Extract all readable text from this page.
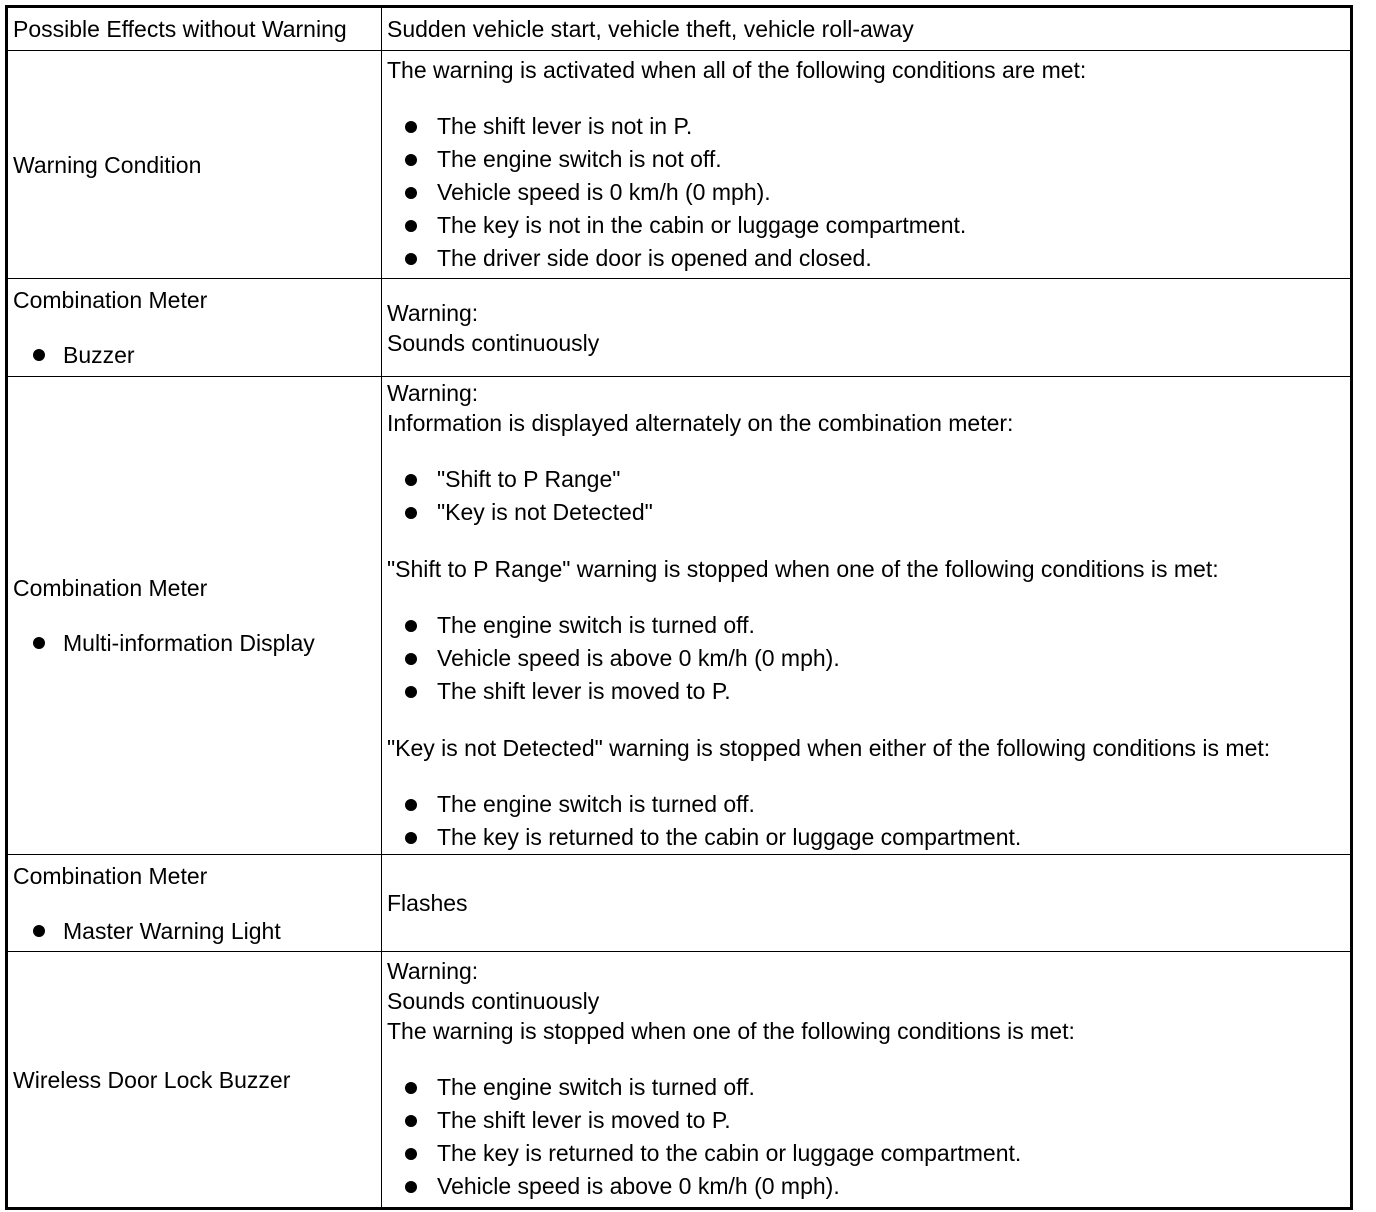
Possible Effects without Warning	Sudden vehicle start, vehicle theft, vehicle roll-away
Warning Condition
The warning is activated when all of the following conditions are met:
The shift lever is not in P.
The engine switch is not off.
Vehicle speed is 0 km/h (0 mph).
The key is not in the cabin or luggage compartment.
The driver side door is opened and closed.
Combination Meter
Buzzer
Warning:
Sounds continuously
Combination Meter
Multi-information Display
Warning:
Information is displayed alternately on the combination meter:
"Shift to P Range"
"Key is not Detected"
"Shift to P Range" warning is stopped when one of the following conditions is met:
The engine switch is turned off.
Vehicle speed is above 0 km/h (0 mph).
The shift lever is moved to P.
"Key is not Detected" warning is stopped when either of the following conditions is met:
The engine switch is turned off.
The key is returned to the cabin or luggage compartment.
Combination Meter
Master Warning Light
Flashes
Wireless Door Lock Buzzer
Warning:
Sounds continuously
The warning is stopped when one of the following conditions is met:
The engine switch is turned off.
The shift lever is moved to P.
The key is returned to the cabin or luggage compartment.
Vehicle speed is above 0 km/h (0 mph).
